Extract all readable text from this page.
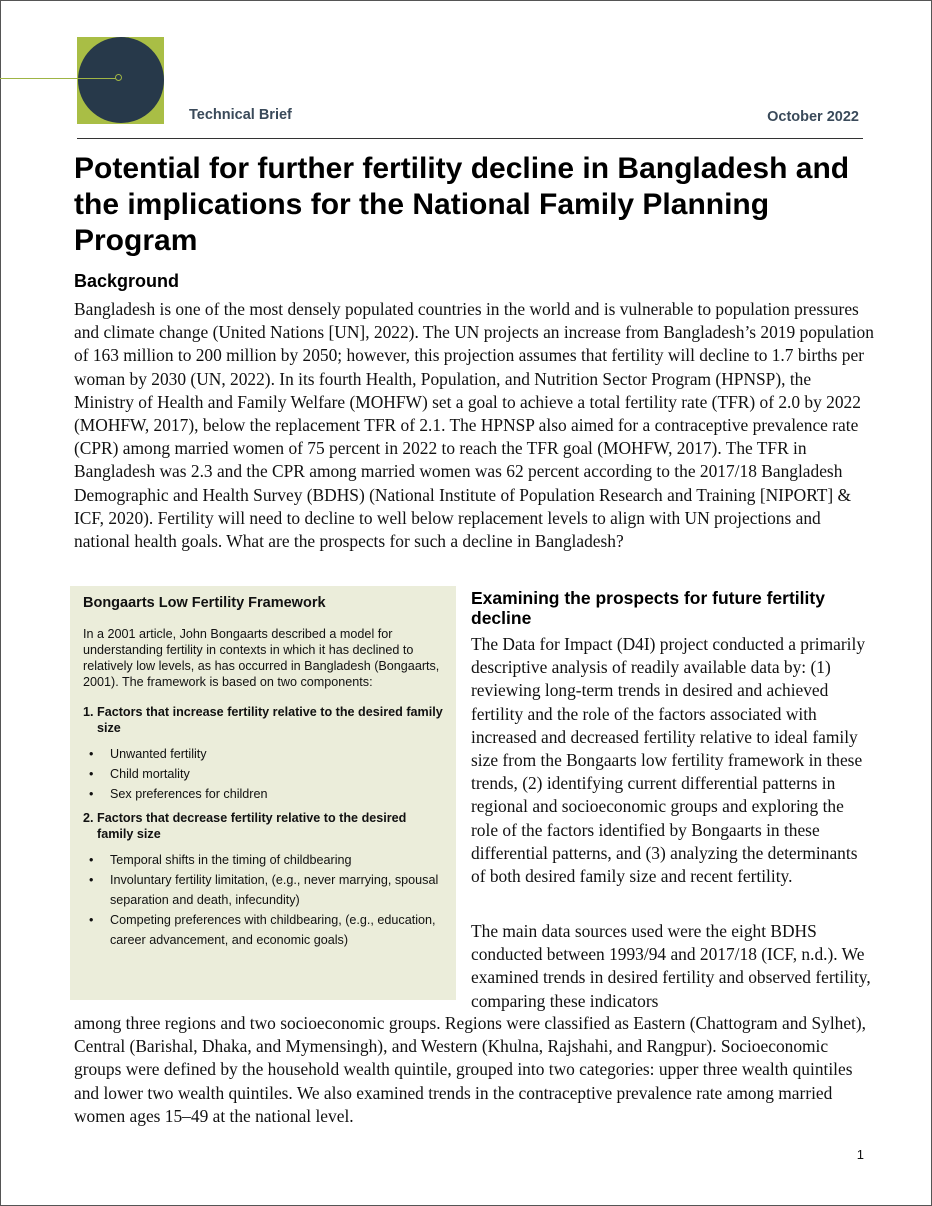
Technical Brief	October 2022
Potential for further fertility decline in Bangladesh and the implications for the National Family Planning Program
Background

Bangladesh is one of the most densely populated countries in the world and is vulnerable to population pressures and climate change (United Nations [UN], 2022). The UN projects an increase from Bangladesh’s 2019 population of 163 million to 200 million by 2050; however, this projection assumes that fertility will decline to 1.7 births per woman by 2030 (UN, 2022). In its fourth Health, Population, and Nutrition Sector Program (HPNSP), the Ministry of Health and Family Welfare (MOHFW) set a goal to achieve a total fertility rate (TFR) of 2.0 by 2022 (MOHFW, 2017), below the replacement TFR of 2.1. The HPNSP also aimed for a contraceptive prevalence rate (CPR) among married women of 75 percent in 2022 to reach the TFR goal (MOHFW, 2017). The TFR in Bangladesh was 2.3 and the CPR among married women was 62 percent according to the 2017/18 Bangladesh Demographic and Health Survey (BDHS) (National Institute of Population Research and Training [NIPORT] & ICF, 2020). Fertility will need to decline to well below replacement levels to align with UN projections and national health goals. What are the prospects for such a decline in Bangladesh?

Bongaarts Low Fertility Framework

In a 2001 article, John Bongaarts described a model for understanding fertility in contexts in which it has declined to relatively low levels, as has occurred in Bangladesh (Bongaarts, 2001). The framework is based on two components:

1. Factors that increase fertility relative to the desired family size

• Unwanted fertility
• Child mortality
• Sex preferences for children

2. Factors that decrease fertility relative to the desired family size

• Temporal shifts in the timing of childbearing
• Involuntary fertility limitation, (e.g., never marrying, spousal separation and death, infecundity)
• Competing preferences with childbearing, (e.g., education, career advancement, and economic goals)
Examining the prospects for future fertility decline

The Data for Impact (D4I) project conducted a primarily descriptive analysis of readily available data by: (1) reviewing long-term trends in desired and achieved fertility and the role of the factors associated with increased and decreased fertility relative to ideal family size from the Bongaarts low fertility framework in these trends, (2) identifying current differential patterns in regional and socioeconomic groups and exploring the role of the factors identified by Bongaarts in these differential patterns, and (3) analyzing the determinants of both desired family size and recent fertility.

The main data sources used were the eight BDHS conducted between 1993/94 and 2017/18 (ICF, n.d.). We examined trends in desired fertility and observed fertility, comparing these indicators

among three regions and two socioeconomic groups. Regions were classified as Eastern (Chattogram and Sylhet), Central (Barishal, Dhaka, and Mymensingh), and Western (Khulna, Rajshahi, and Rangpur). Socioeconomic groups were defined by the household wealth quintile, grouped into two categories: upper three wealth quintiles and lower two wealth quintiles. We also examined trends in the contraceptive prevalence rate among married women ages 15–49 at the national level.

1
